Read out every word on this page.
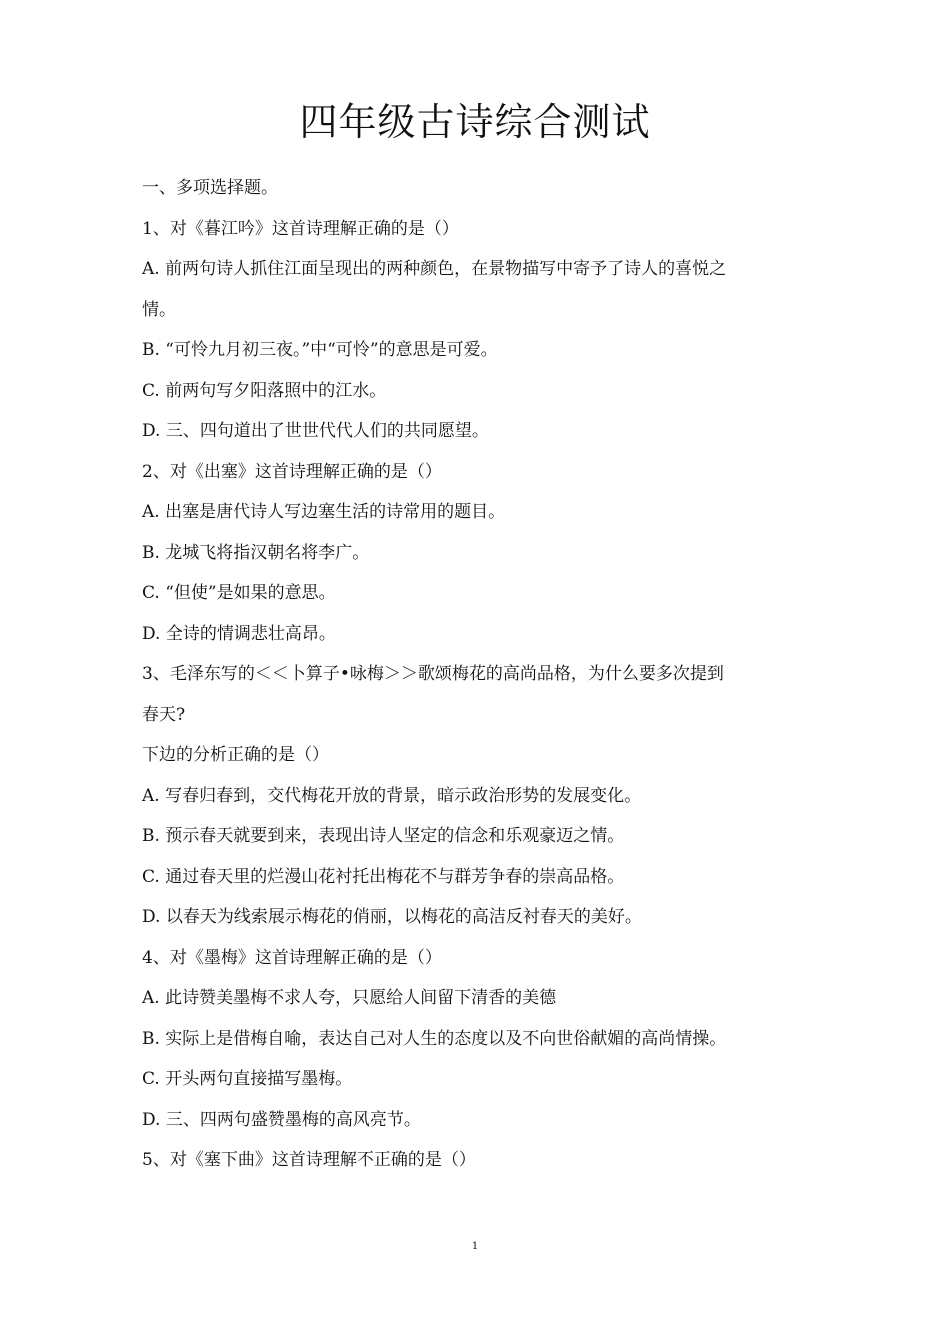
四年级古诗综合测试
一、多项选择题。
1、对《暮江吟》这首诗理解正确的是（）
A. 前两句诗人抓住江面呈现出的两种颜色，在景物描写中寄予了诗人的喜悦之
情。
B. “可怜九月初三夜。”中“可怜”的意思是可爱。
C. 前两句写夕阳落照中的江水。
D. 三、四句道出了世世代代人们的共同愿望。
2、对《出塞》这首诗理解正确的是（）
A. 出塞是唐代诗人写边塞生活的诗常用的题目。
B. 龙城飞将指汉朝名将李广。
C. “但使”是如果的意思。
D. 全诗的情调悲壮高昂。
3、毛泽东写的＜＜卜算子•咏梅＞＞歌颂梅花的高尚品格，为什么要多次提到
春天?
下边的分析正确的是（）
A. 写春归春到，交代梅花开放的背景，暗示政治形势的发展变化。
B. 预示春天就要到来，表现出诗人坚定的信念和乐观豪迈之情。
C. 通过春天里的烂漫山花衬托出梅花不与群芳争春的崇高品格。
D. 以春天为线索展示梅花的俏丽，以梅花的高洁反衬春天的美好。
4、对《墨梅》这首诗理解正确的是（）
A. 此诗赞美墨梅不求人夸，只愿给人间留下清香的美德
B. 实际上是借梅自喻，表达自己对人生的态度以及不向世俗献媚的高尚情操。
C. 开头两句直接描写墨梅。
D. 三、四两句盛赞墨梅的高风亮节。
5、对《塞下曲》这首诗理解不正确的是（）
1
